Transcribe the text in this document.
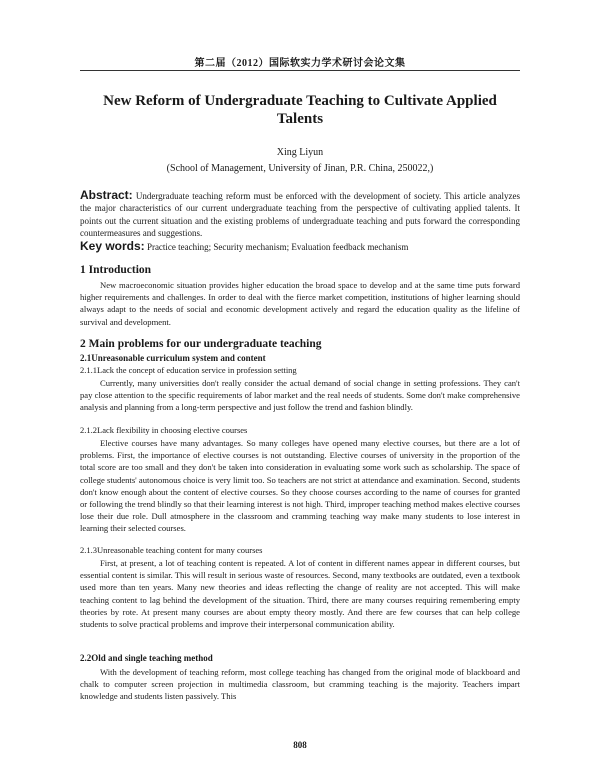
第二届（2012）国际软实力学术研讨会论文集
New Reform of Undergraduate Teaching to Cultivate Applied Talents
Xing Liyun
(School of Management, University of Jinan, P.R. China, 250022,)
Abstract: Undergraduate teaching reform must be enforced with the development of society. This article analyzes the major characteristics of our current undergraduate teaching from the perspective of cultivating applied talents. It points out the current situation and the existing problems of undergraduate teaching and puts forward the corresponding countermeasures and suggestions.
Key words: Practice teaching; Security mechanism; Evaluation feedback mechanism
1 Introduction

New macroeconomic situation provides higher education the broad space to develop and at the same time puts forward higher requirements and challenges. In order to deal with the fierce market competition, institutions of higher learning should always adapt to the needs of social and economic development actively and regard the education quality as the lifeline of survival and development.

2 Main problems for our undergraduate teaching
2.1Unreasonable curriculum system and content
2.1.1Lack the concept of education service in profession setting

Currently, many universities don't really consider the actual demand of social change in setting professions. They can't pay close attention to the specific requirements of labor market and the real needs of students. Some don't make comprehensive analysis and planning from a long-term perspective and just follow the trend and fashion blindly.

2.1.2Lack flexibility in choosing elective courses

Elective courses have many advantages. So many colleges have opened many elective courses, but there are a lot of problems. First, the importance of elective courses is not outstanding. Elective courses of university in the proportion of the total score are too small and they don't be taken into consideration in evaluating some work such as scholarship. The space of college students' autonomous choice is very limit too. So teachers are not strict at attendance and examination. Second, students don't know enough about the content of elective courses. So they choose courses according to the name of courses for granted or following the trend blindly so that their learning interest is not high. Third, improper teaching method makes elective courses lose their due role. Dull atmosphere in the classroom and cramming teaching way make many students to lose interest in learning their selected courses.

2.1.3Unreasonable teaching content for many courses

First, at present, a lot of teaching content is repeated. A lot of content in different names appear in different courses, but essential content is similar. This will result in serious waste of resources. Second, many textbooks are outdated, even a textbook used more than ten years. Many new theories and ideas reflecting the change of reality are not accepted. This will make teaching content to lag behind the development of the situation. Third, there are many courses requiring remembering empty theories by rote. At present many courses are about empty theory mostly. And there are few courses that can help college students to solve practical problems and improve their interpersonal communication ability.

2.2Old and single teaching method

With the development of teaching reform, most college teaching has changed from the original mode of blackboard and chalk to computer screen projection in multimedia classroom, but cramming teaching is the majority. Teachers impart knowledge and students listen passively. This

808
